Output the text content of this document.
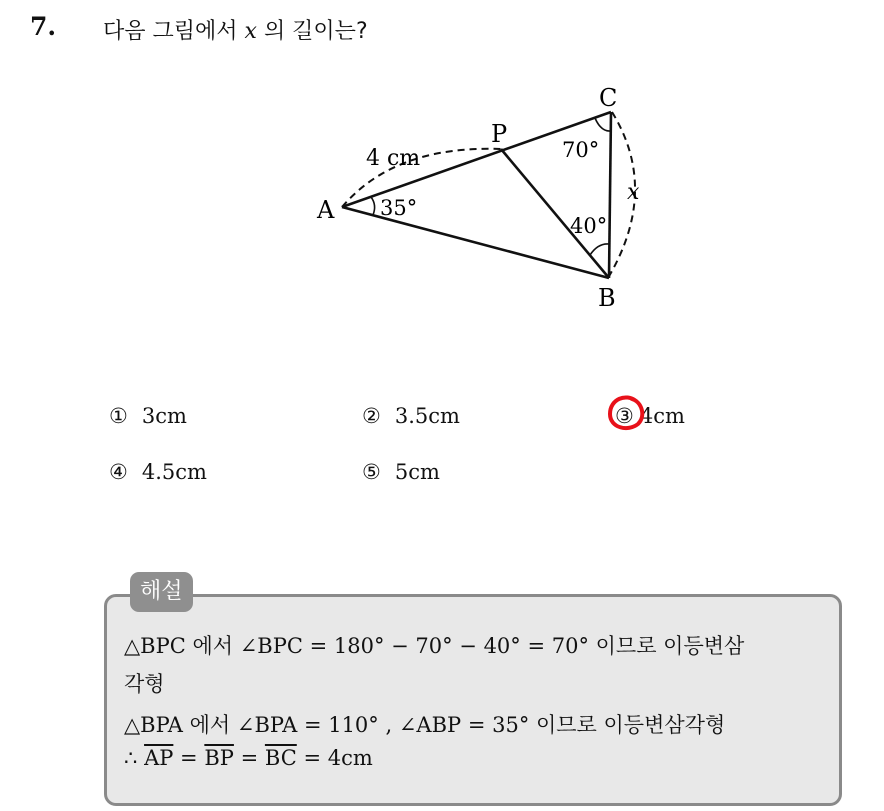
7. 다음 그림에서 x 의 길이는?
A
B
C
P
4 cm
35°
70°
40°
x
① 3cm	② 3.5cm	③ 4cm
④ 4.5cm	⑤ 5cm
해설
△BPC 에서 ∠BPC = 180° − 70° − 40° = 70° 이므로 이등변삼
각형
△BPA 에서 ∠BPA = 110° , ∠ABP = 35° 이므로 이등변삼각형
∴ $\overline{AP} = \overline{BP} = \overline{BC} = 4cm$
